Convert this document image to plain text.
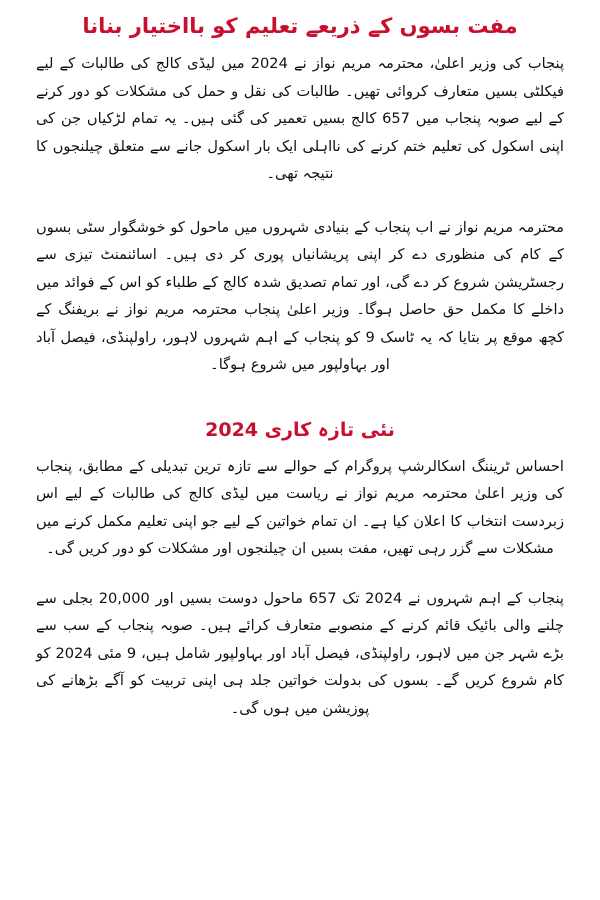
مفت بسوں کے ذریعے تعلیم کو بااختیار بنانا

پنجاب کی وزیر اعلیٰ، محترمہ مریم نواز نے 2024 میں لیڈی کالج کی طالبات کے لیے فیکلٹی بسیں متعارف کروائی تھیں۔ طالبات کی نقل و حمل کی مشکلات کو دور کرنے کے لیے صوبہ پنجاب میں 657 کالج بسیں تعمیر کی گئی ہیں۔ یہ تمام لڑکیاں جن کی اپنی اسکول کی تعلیم ختم کرنے کی نااہلی ایک بار اسکول جانے سے متعلق چیلنجوں کا نتیجہ تھی۔

محترمہ مریم نواز نے اب پنجاب کے بنیادی شہروں میں ماحول کو خوشگوار سٹی بسوں کے کام کی منظوری دے کر اپنی پریشانیاں پوری کر دی ہیں۔ اسائنمنٹ تیزی سے رجسٹریشن شروع کر دے گی، اور تمام تصدیق شدہ کالج کے طلباء کو اس کے فوائد میں داخلے کا مکمل حق حاصل ہوگا۔ وزیر اعلیٰ پنجاب محترمہ مریم نواز نے بریفنگ کے کچھ موقع پر بتایا کہ یہ ٹاسک 9 کو پنجاب کے اہم شہروں لاہور، راولپنڈی، فیصل آباد اور بہاولپور میں شروع ہوگا۔

نئی تازہ کاری 2024

احساس ٹریننگ اسکالرشپ پروگرام کے حوالے سے تازہ ترین تبدیلی کے مطابق، پنجاب کی وزیر اعلیٰ محترمہ مریم نواز نے ریاست میں لیڈی کالج کی طالبات کے لیے اس زبردست انتخاب کا اعلان کیا ہے۔ ان تمام خواتین کے لیے جو اپنی تعلیم مکمل کرنے میں مشکلات سے گزر رہی تھیں، مفت بسیں ان چیلنجوں اور مشکلات کو دور کریں گی۔

پنجاب کے اہم شہروں نے 2024 تک 657 ماحول دوست بسیں اور 20,000 بجلی سے چلنے والی بائیک قائم کرنے کے منصوبے متعارف کرائے ہیں۔ صوبہ پنجاب کے سب سے بڑے شہر جن میں لاہور، راولپنڈی، فیصل آباد اور بہاولپور شامل ہیں، 9 مئی 2024 کو کام شروع کریں گے۔ بسوں کی بدولت خواتین جلد ہی اپنی تربیت کو آگے بڑھانے کی پوزیشن میں ہوں گی۔
